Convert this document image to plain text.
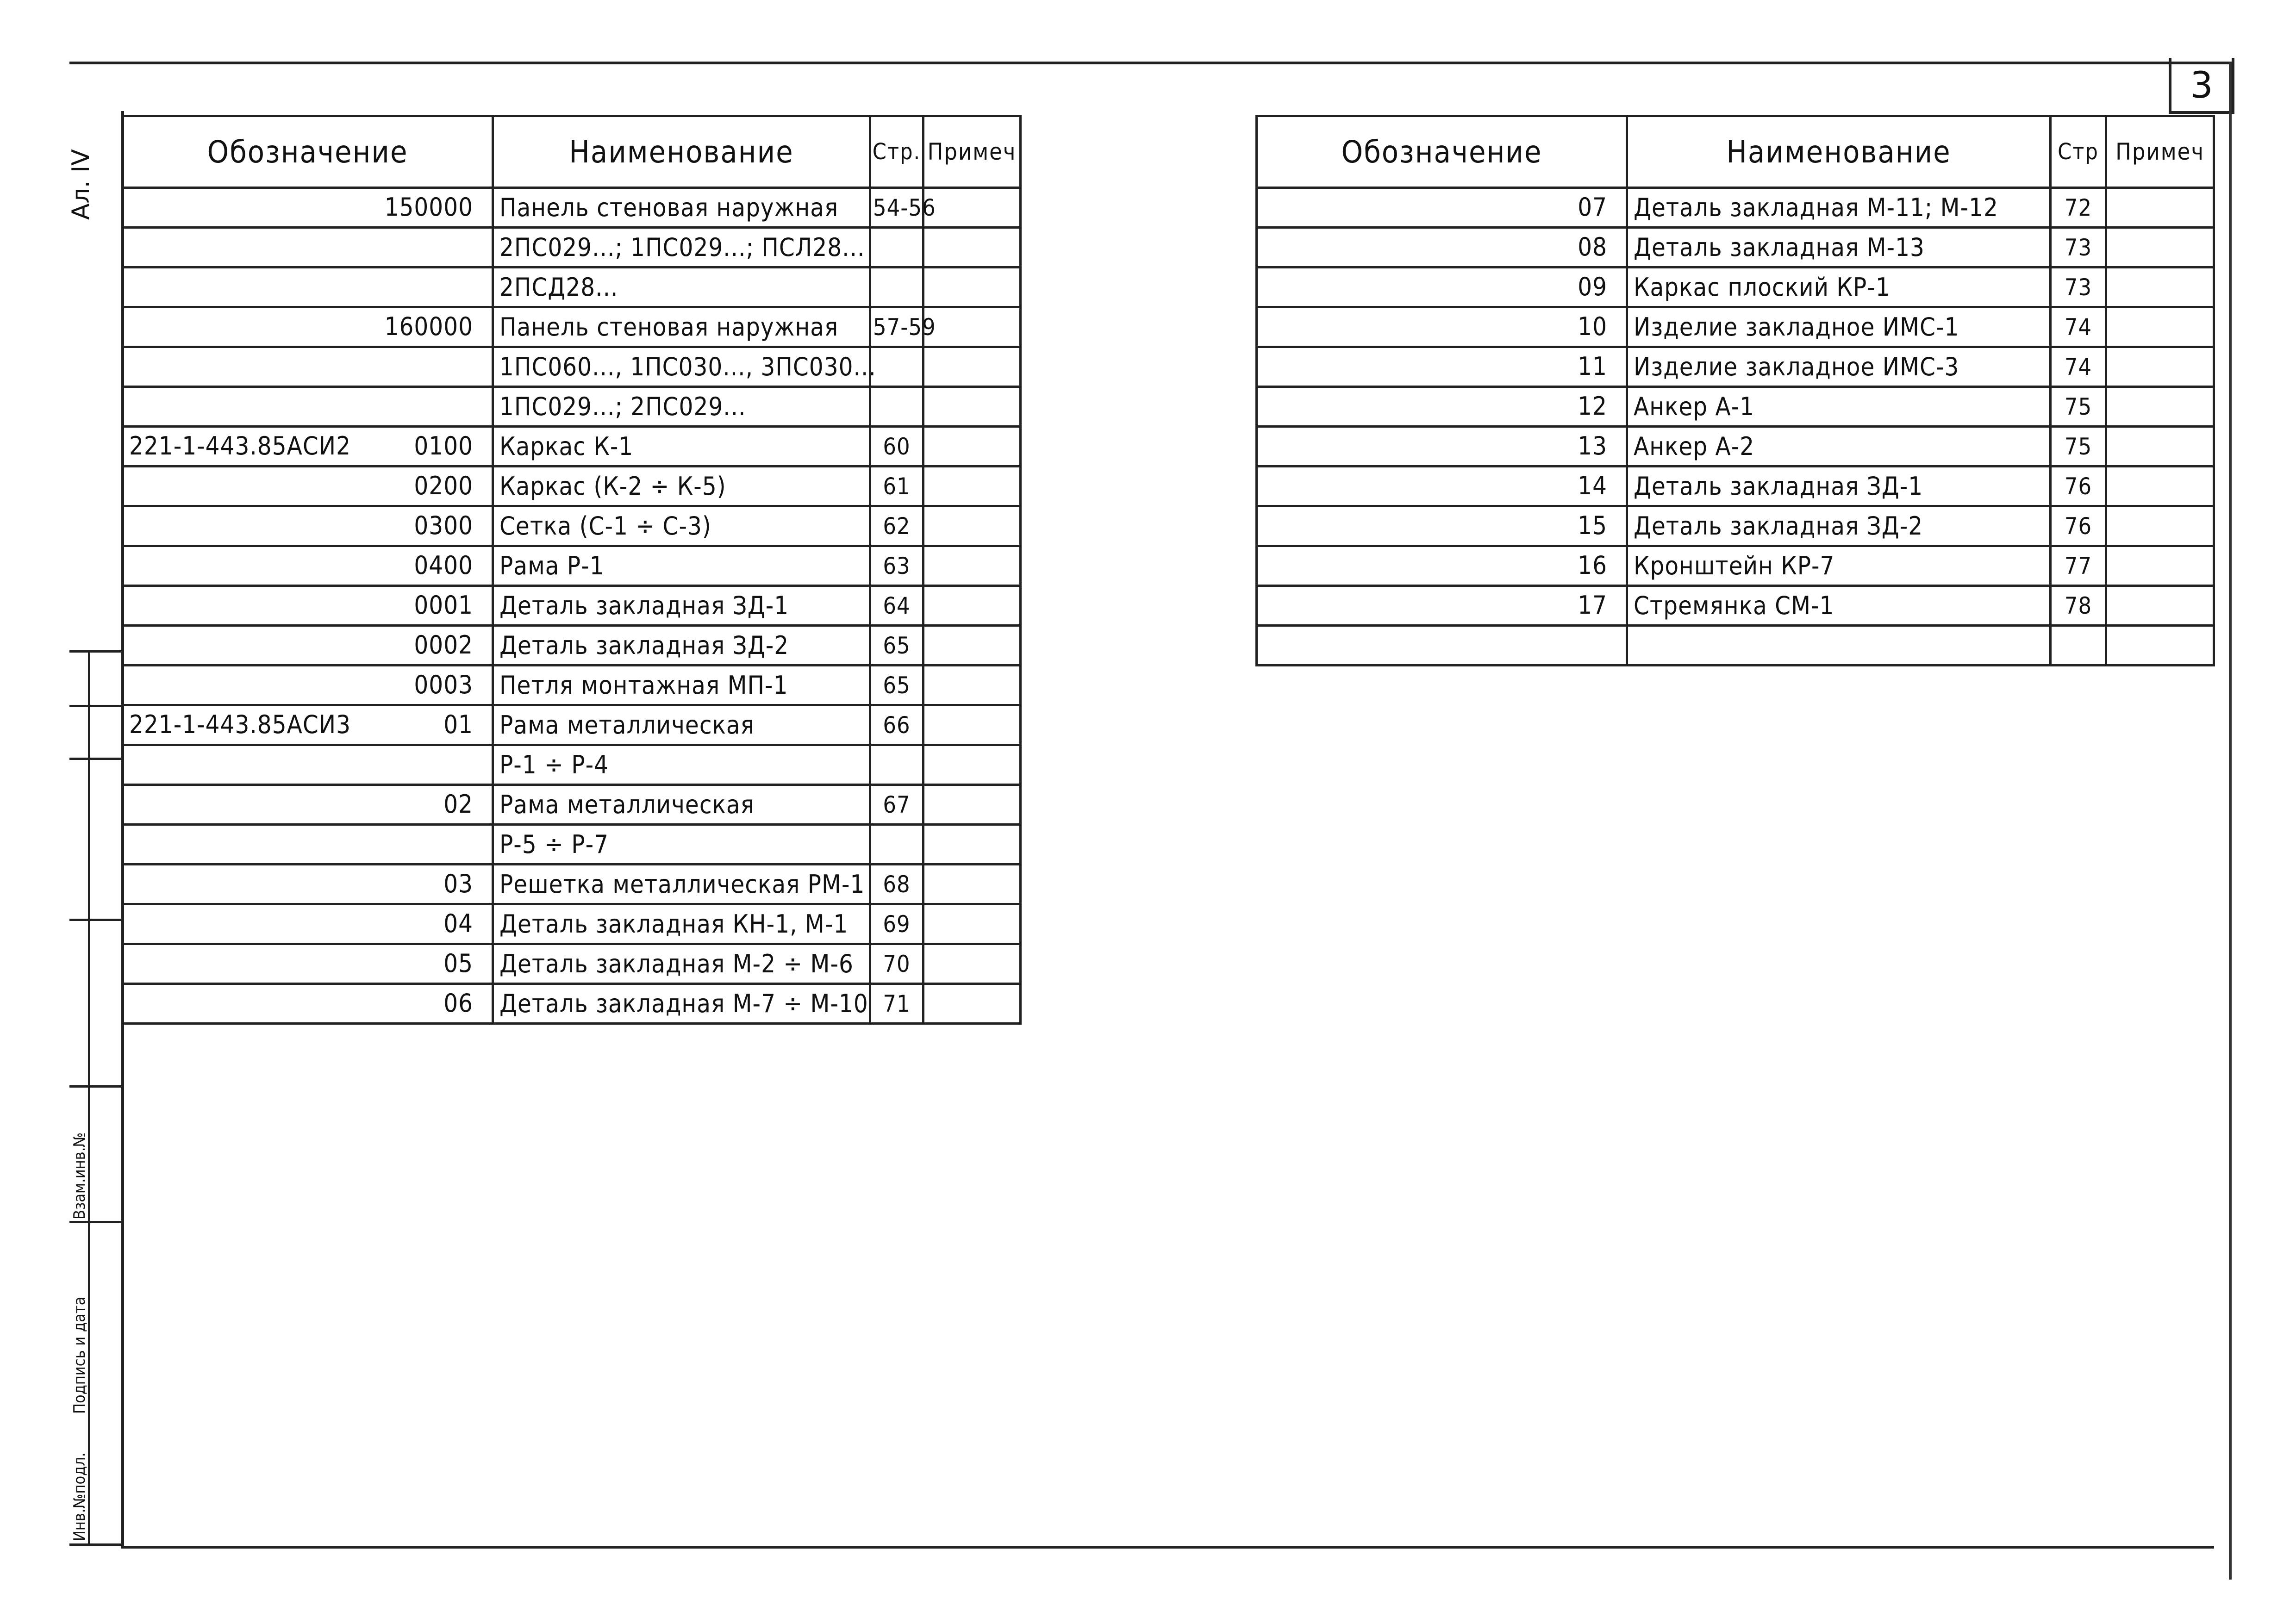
3
Ал. IV
Взам.инв.№
Подпись и дата
Инв.№подл.
Обозначение	Наименование	Стр.	Примеч

150000	Панель стеновая наружная	54-56	

	2ПС029...; 1ПС029...; ПСЛ28...		

	2ПСД28...		

160000	Панель стеновая наружная	57-59	

	1ПС060..., 1ПС030..., 3ПС030...		

	1ПС029...; 2ПС029...		

221-1-443.85АСИ2 0100	Каркас К-1	60	

0200	Каркас (К-2 ÷ К-5)	61	

0300	Сетка (С-1 ÷ С-3)	62	

0400	Рама Р-1	63	

0001	Деталь закладная ЗД-1	64	

0002	Деталь закладная ЗД-2	65	

0003	Петля монтажная МП-1	65	

221-1-443.85АСИ3 01	Рама металлическая	66	

	Р-1 ÷ Р-4		

02	Рама металлическая	67	

	Р-5 ÷ Р-7		

03	Решетка металлическая РМ-1	68	

04	Деталь закладная КН-1, М-1	69	

05	Деталь закладная М-2 ÷ М-6	70	

06	Деталь закладная М-7 ÷ М-10	71	
Обозначение	Наименование	Стр	Примеч

07	Деталь закладная М-11; М-12	72	

08	Деталь закладная М-13	73	

09	Каркас плоский КР-1	73	

10	Изделие закладное ИМС-1	74	

11	Изделие закладное ИМС-3	74	

12	Анкер А-1	75	

13	Анкер А-2	75	

14	Деталь закладная ЗД-1	76	

15	Деталь закладная ЗД-2	76	

16	Кронштейн КР-7	77	

17	Стремянка СМ-1	78	
